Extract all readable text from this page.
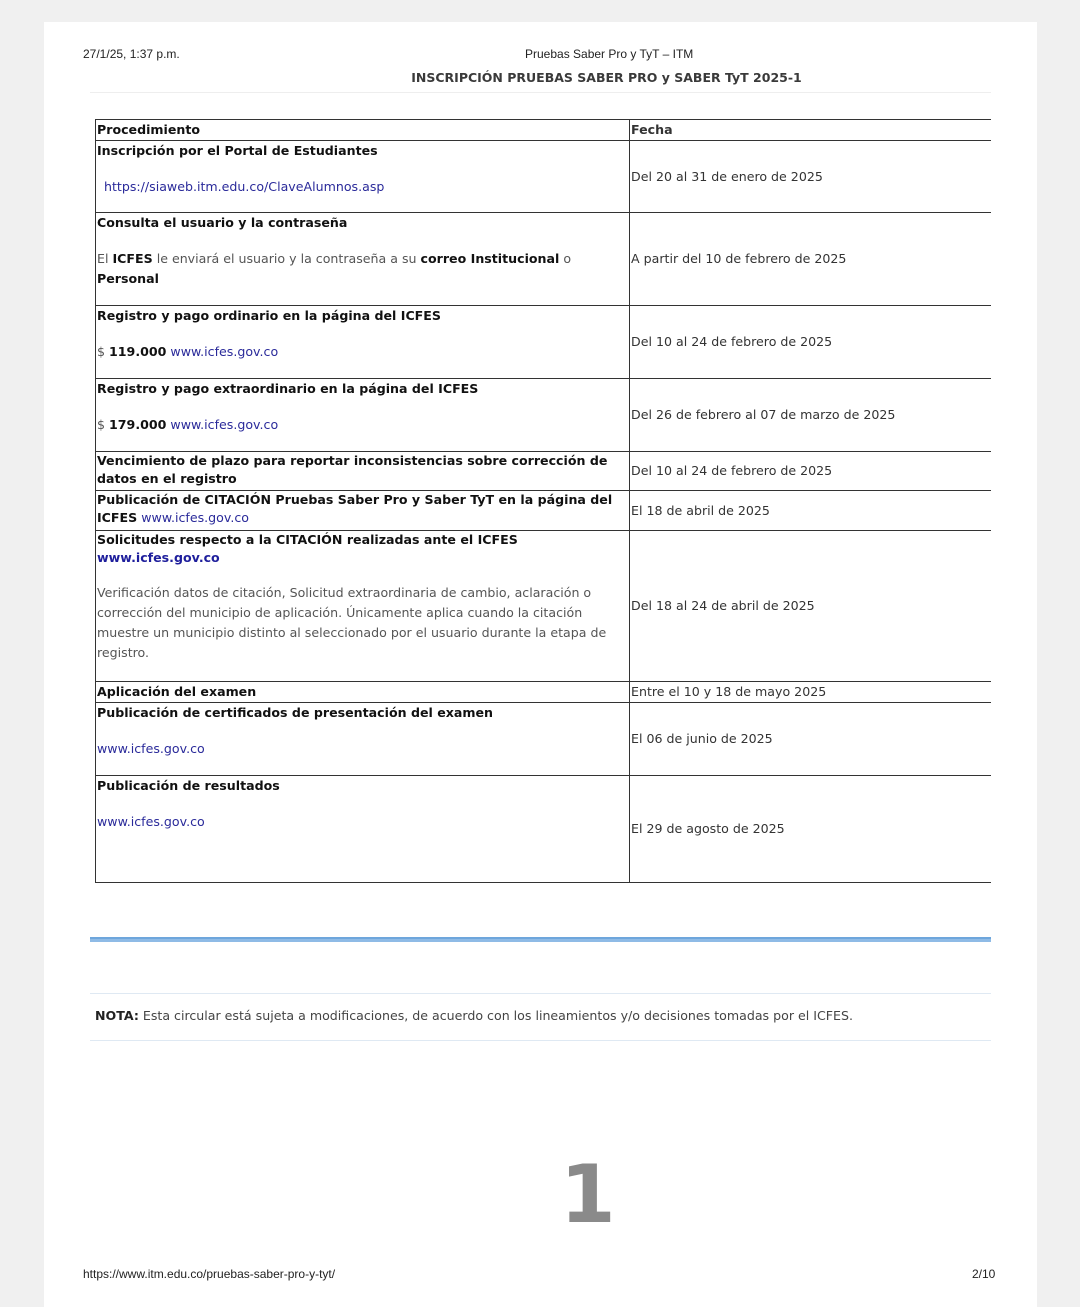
27/1/25, 1:37 p.m.	Pruebas Saber Pro y TyT – ITM
INSCRIPCIÓN PRUEBAS SABER PRO y SABER TyT 2025-1
Procedimiento	Fecha

Inscripción por el Portal de Estudiantes
https://siaweb.itm.edu.co/ClaveAlumnos.asp	Del 20 al 31 de enero de 2025

Consulta el usuario y la contraseña
El ICFES le enviará el usuario y la contraseña a su correo Institucional o
Personal	A partir del 10 de febrero de 2025

Registro y pago ordinario en la página del ICFES
$ 119.000 www.icfes.gov.co	Del 10 al 24 de febrero de 2025

Registro y pago extraordinario en la página del ICFES
$ 179.000 www.icfes.gov.co	Del 26 de febrero al 07 de marzo de 2025

Vencimiento de plazo para reportar inconsistencias sobre corrección de datos en el registro	Del 10 al 24 de febrero de 2025

Publicación de CITACIÓN Pruebas Saber Pro y Saber TyT en la página del ICFES www.icfes.gov.co	El 18 de abril de 2025

Solicitudes respecto a la CITACIÓN realizadas ante el ICFES
www.icfes.gov.co
Verificación datos de citación, Solicitud extraordinaria de cambio, aclaración o corrección del municipio de aplicación. Únicamente aplica cuando la citación muestre un municipio distinto al seleccionado por el usuario durante la etapa de registro.	Del 18 al 24 de abril de 2025

Aplicación del examen	Entre el 10 y 18 de mayo 2025

Publicación de certificados de presentación del examen
www.icfes.gov.co	El 06 de junio de 2025

Publicación de resultados
www.icfes.gov.co	El 29 de agosto de 2025
NOTA: Esta circular está sujeta a modificaciones, de acuerdo con los lineamientos y/o decisiones tomadas por el ICFES.
1
https://www.itm.edu.co/pruebas-saber-pro-y-tyt/	2/10
